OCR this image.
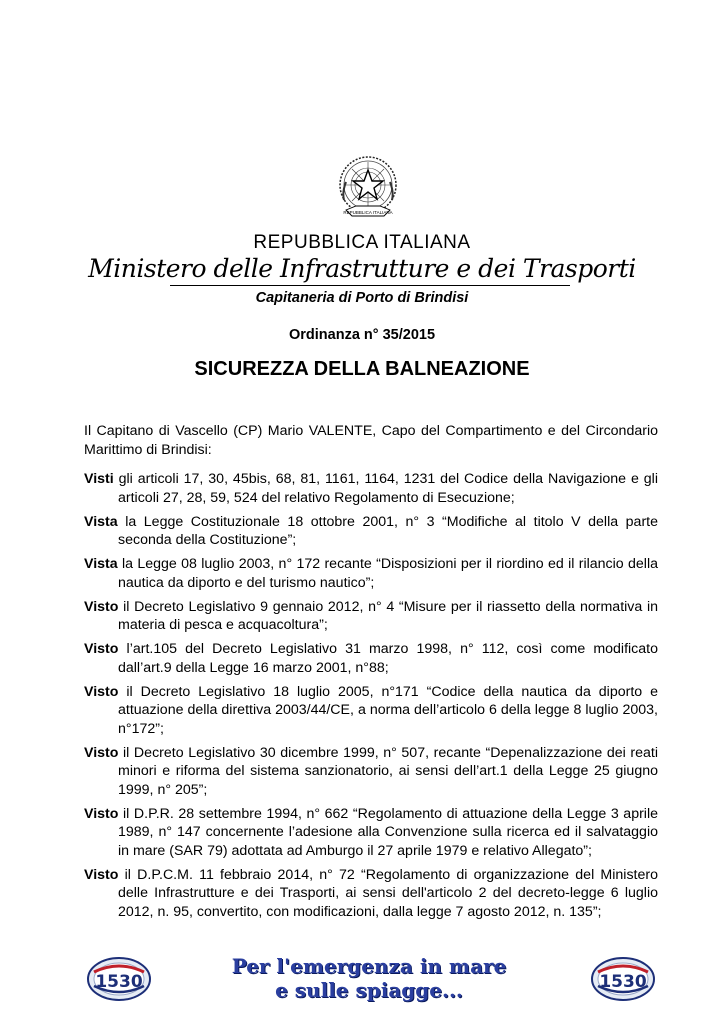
REPUBBLICA ITALIANA
REPUBBLICA ITALIANA
Ministero delle Infrastrutture e dei Trasporti
Capitaneria di Porto di Brindisi
Ordinanza n° 35/2015
SICUREZZA DELLA BALNEAZIONE
Il Capitano di Vascello (CP) Mario VALENTE, Capo del Compartimento e del Circondario Marittimo di Brindisi:
Visti gli articoli 17, 30, 45bis, 68, 81, 1161, 1164, 1231 del Codice della Navigazione e gli articoli 27, 28, 59, 524 del relativo Regolamento di Esecuzione;
Vista la Legge Costituzionale 18 ottobre 2001, n° 3 “Modifiche al titolo V della parte seconda della Costituzione”;
Vista la Legge 08 luglio 2003, n° 172 recante “Disposizioni per il riordino ed il rilancio della nautica da diporto e del turismo nautico”;
Visto il Decreto Legislativo 9 gennaio 2012, n° 4 “Misure per il riassetto della normativa in materia di pesca e acquacoltura”;
Visto l’art.105 del Decreto Legislativo 31 marzo 1998, n° 112, così come modificato dall’art.9 della Legge 16 marzo 2001, n°88;
Visto il Decreto Legislativo 18 luglio 2005, n°171 “Codice della nautica da diporto e attuazione della direttiva 2003/44/CE, a norma dell’articolo 6 della legge 8 luglio 2003, n°172”;
Visto il Decreto Legislativo 30 dicembre 1999, n° 507, recante “Depenalizzazione dei reati minori e riforma del sistema sanzionatorio, ai sensi dell’art.1 della Legge 25 giugno 1999, n° 205”;
Visto il D.P.R. 28 settembre 1994, n° 662 “Regolamento di attuazione della Legge 3 aprile 1989, n° 147 concernente l’adesione alla Convenzione sulla ricerca ed il salvataggio in mare (SAR 79) adottata ad Amburgo il 27 aprile 1979 e relativo Allegato”;
Visto il D.P.C.M. 11 febbraio 2014, n° 72 “Regolamento di organizzazione del Ministero delle Infrastrutture e dei Trasporti, ai sensi dell'articolo 2 del decreto-legge 6 luglio 2012, n. 95, convertito, con modificazioni, dalla legge 7 agosto 2012, n. 135”;
1530
Per l'emergenza in mare
e sulle spiagge...	1530
